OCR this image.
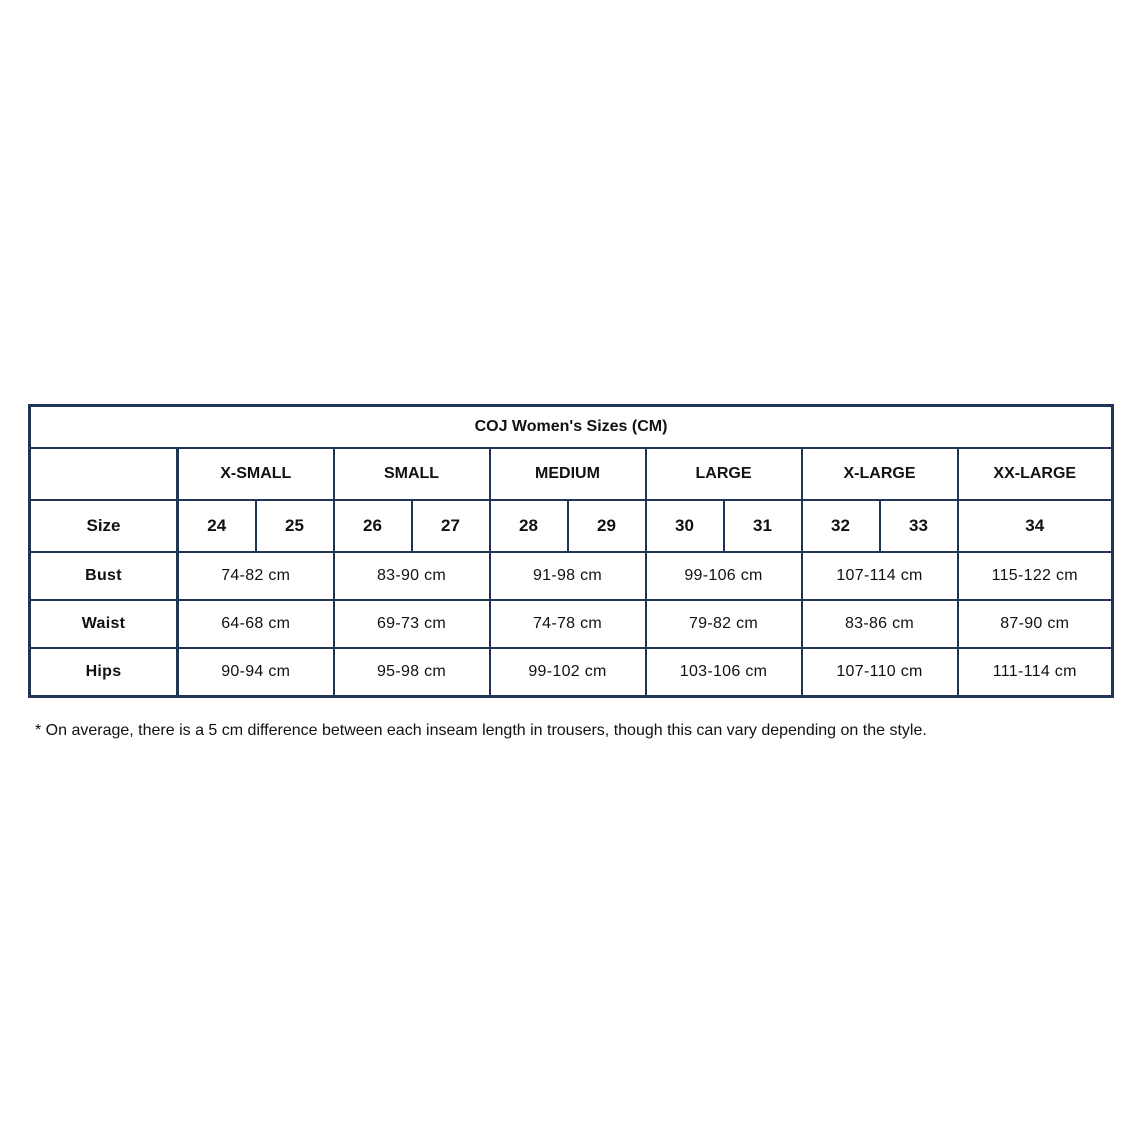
COJ Women's Sizes (CM)											
	X-SMALL		SMALL		MEDIUM		LARGE		X-LARGE		XX-LARGE
Size	24	25	26	27	28	29	30	31	32	33	34
Bust	74-82 cm		83-90 cm		91-98 cm		99-106 cm		107-114 cm		115-122 cm
Waist	64-68 cm		69-73 cm		74-78 cm		79-82 cm		83-86 cm		87-90 cm
Hips	90-94 cm		95-98 cm		99-102 cm		103-106 cm		107-110 cm		111-114 cm
* On average, there is a 5 cm difference between each inseam length in trousers, though this can vary depending on the style.
